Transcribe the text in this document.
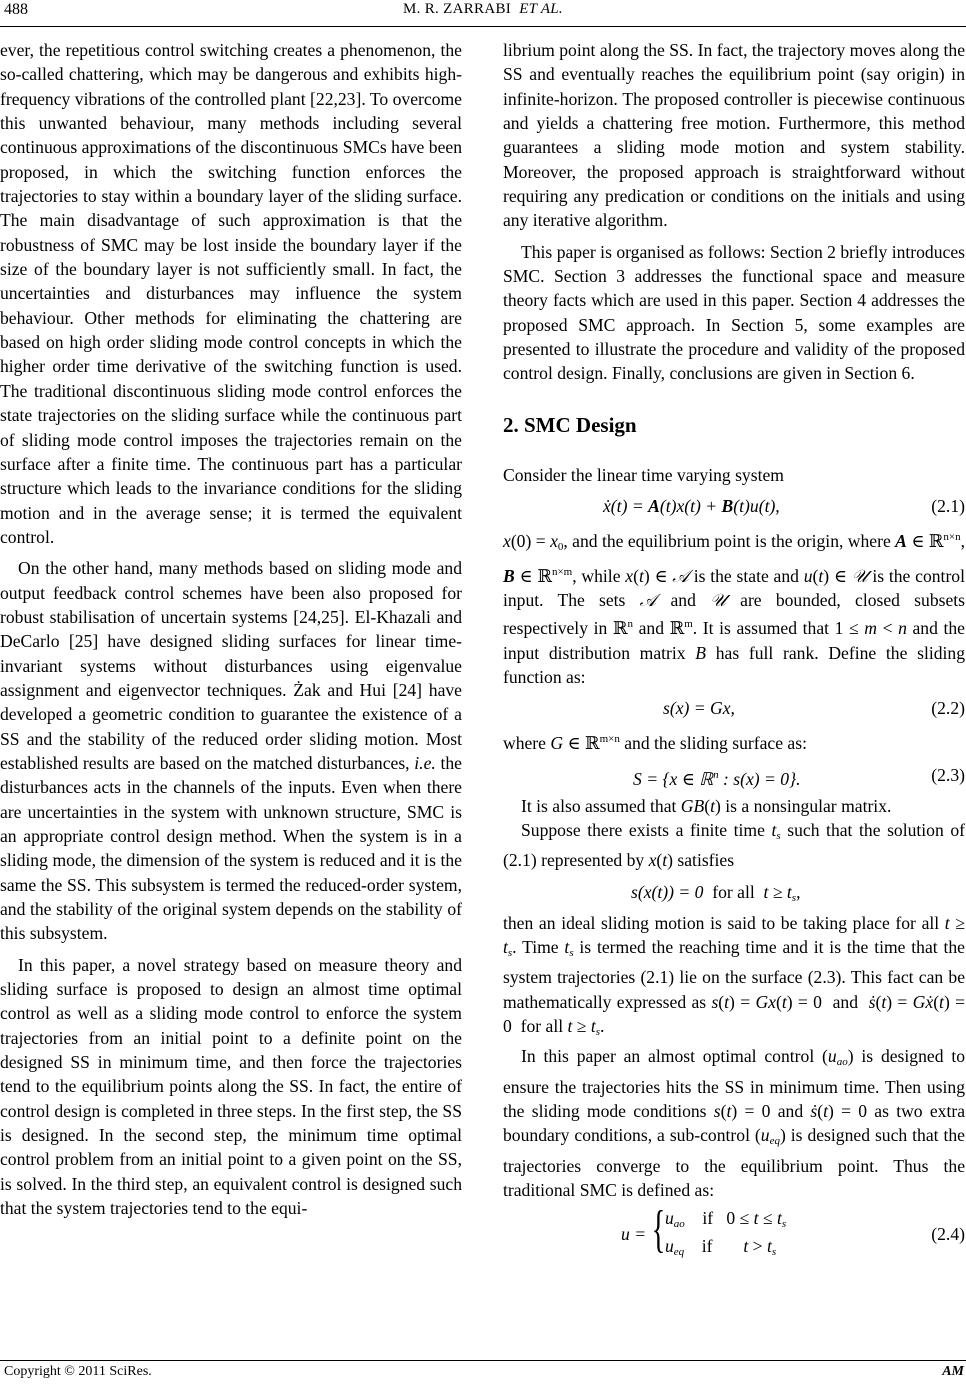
488	M. R. ZARRABI ET AL.

ever, the repetitious control switching creates a phenomenon, the so-called chattering, which may be dangerous and exhibits high-frequency vibrations of the controlled plant [22,23]. To overcome this unwanted behaviour, many methods including several continuous approximations of the discontinuous SMCs have been proposed, in which the switching function enforces the trajectories to stay within a boundary layer of the sliding surface. The main disadvantage of such approximation is that the robustness of SMC may be lost inside the boundary layer if the size of the boundary layer is not sufficiently small. In fact, the uncertainties and disturbances may influence the system behaviour. Other methods for eliminating the chattering are based on high order sliding mode control concepts in which the higher order time derivative of the switching function is used. The traditional discontinuous sliding mode control enforces the state trajectories on the sliding surface while the continuous part of sliding mode control imposes the trajectories remain on the surface after a finite time. The continuous part has a particular structure which leads to the invariance conditions for the sliding motion and in the average sense; it is termed the equivalent control.

On the other hand, many methods based on sliding mode and output feedback control schemes have been also proposed for robust stabilisation of uncertain systems [24,25]. El-Khazali and DeCarlo [25] have designed sliding surfaces for linear time-invariant systems without disturbances using eigenvalue assignment and eigenvector techniques. Żak and Hui [24] have developed a geometric condition to guarantee the existence of a SS and the stability of the reduced order sliding motion. Most established results are based on the matched disturbances, i.e. the disturbances acts in the channels of the inputs. Even when there are uncertainties in the system with unknown structure, SMC is an appropriate control design method. When the system is in a sliding mode, the dimension of the system is reduced and it is the same the SS. This subsystem is termed the reduced-order system, and the stability of the original system depends on the stability of this subsystem.

In this paper, a novel strategy based on measure theory and sliding surface is proposed to design an almost time optimal control as well as a sliding mode control to enforce the system trajectories from an initial point to a definite point on the designed SS in minimum time, and then force the trajectories tend to the equilibrium points along the SS. In fact, the entire of control design is completed in three steps. In the first step, the SS is designed. In the second step, the minimum time optimal control problem from an initial point to a given point on the SS, is solved. In the third step, an equivalent control is designed such that the system trajectories tend to the equi-

librium point along the SS. In fact, the trajectory moves along the SS and eventually reaches the equilibrium point (say origin) in infinite-horizon. The proposed controller is piecewise continuous and yields a chattering free motion. Furthermore, this method guarantees a sliding mode motion and system stability. Moreover, the proposed approach is straightforward without requiring any predication or conditions on the initials and using any iterative algorithm.

This paper is organised as follows: Section 2 briefly introduces SMC. Section 3 addresses the functional space and measure theory facts which are used in this paper. Section 4 addresses the proposed SMC approach. In Section 5, some examples are presented to illustrate the procedure and validity of the proposed control design. Finally, conclusions are given in Section 6.

2. SMC Design

Consider the linear time varying system

ẋ(t) = A(t)x(t) + B(t)u(t),	(2.1)

$x(0) = x_0$, and the equilibrium point is the origin, where A ∈ ℝ$^{n\times n}$, B ∈ ℝ$^{n\times m}$, while x(t) ∈ 𝒜 is the state and u(t) ∈ 𝒰 is the control input. The sets 𝒜 and 𝒰 are bounded, closed subsets respectively in ℝ$^n$ and ℝ$^m$. It is assumed that 1 ≤ m < n and the input distribution matrix B has full rank. Define the sliding function as:

s(x) = Gx,	(2.2)

where G ∈ ℝ$^{m\times n}$ and the sliding surface as:

S = {x ∈ ℝ$^n$ : s(x) = 0}.	(2.3)

It is also assumed that GB(t) is a nonsingular matrix.

Suppose there exists a finite time $t_s$ such that the solution of (2.1) represented by x(t) satisfies

s(x(t)) = 0  for all  $t \ge t_s$,

then an ideal sliding motion is said to be taking place for all $t \ge t_s$. Time $t_s$ is termed the reaching time and it is the time that the system trajectories (2.1) lie on the surface (2.3). This fact can be mathematically expressed as s(t) = Gx(t) = 0  and ṡ(t) = Gẋ(t) = 0  for all $t \ge t_s$.

In this paper an almost optimal control $(u_{ao})$ is designed to ensure the trajectories hits the SS in minimum time. Then using the sliding mode conditions s(t) = 0 and ṡ(t) = 0 as two extra boundary conditions, a sub-control $(u_{eq})$ is designed such that the trajectories converge to the equilibrium point. Thus the traditional SMC is defined as:

u = { $u_{ao}$ if   $0 \le t \le t_s$
$u_{eq}$ if $t > t_s$
(2.4)
Copyright © 2011 SciRes.	AM
